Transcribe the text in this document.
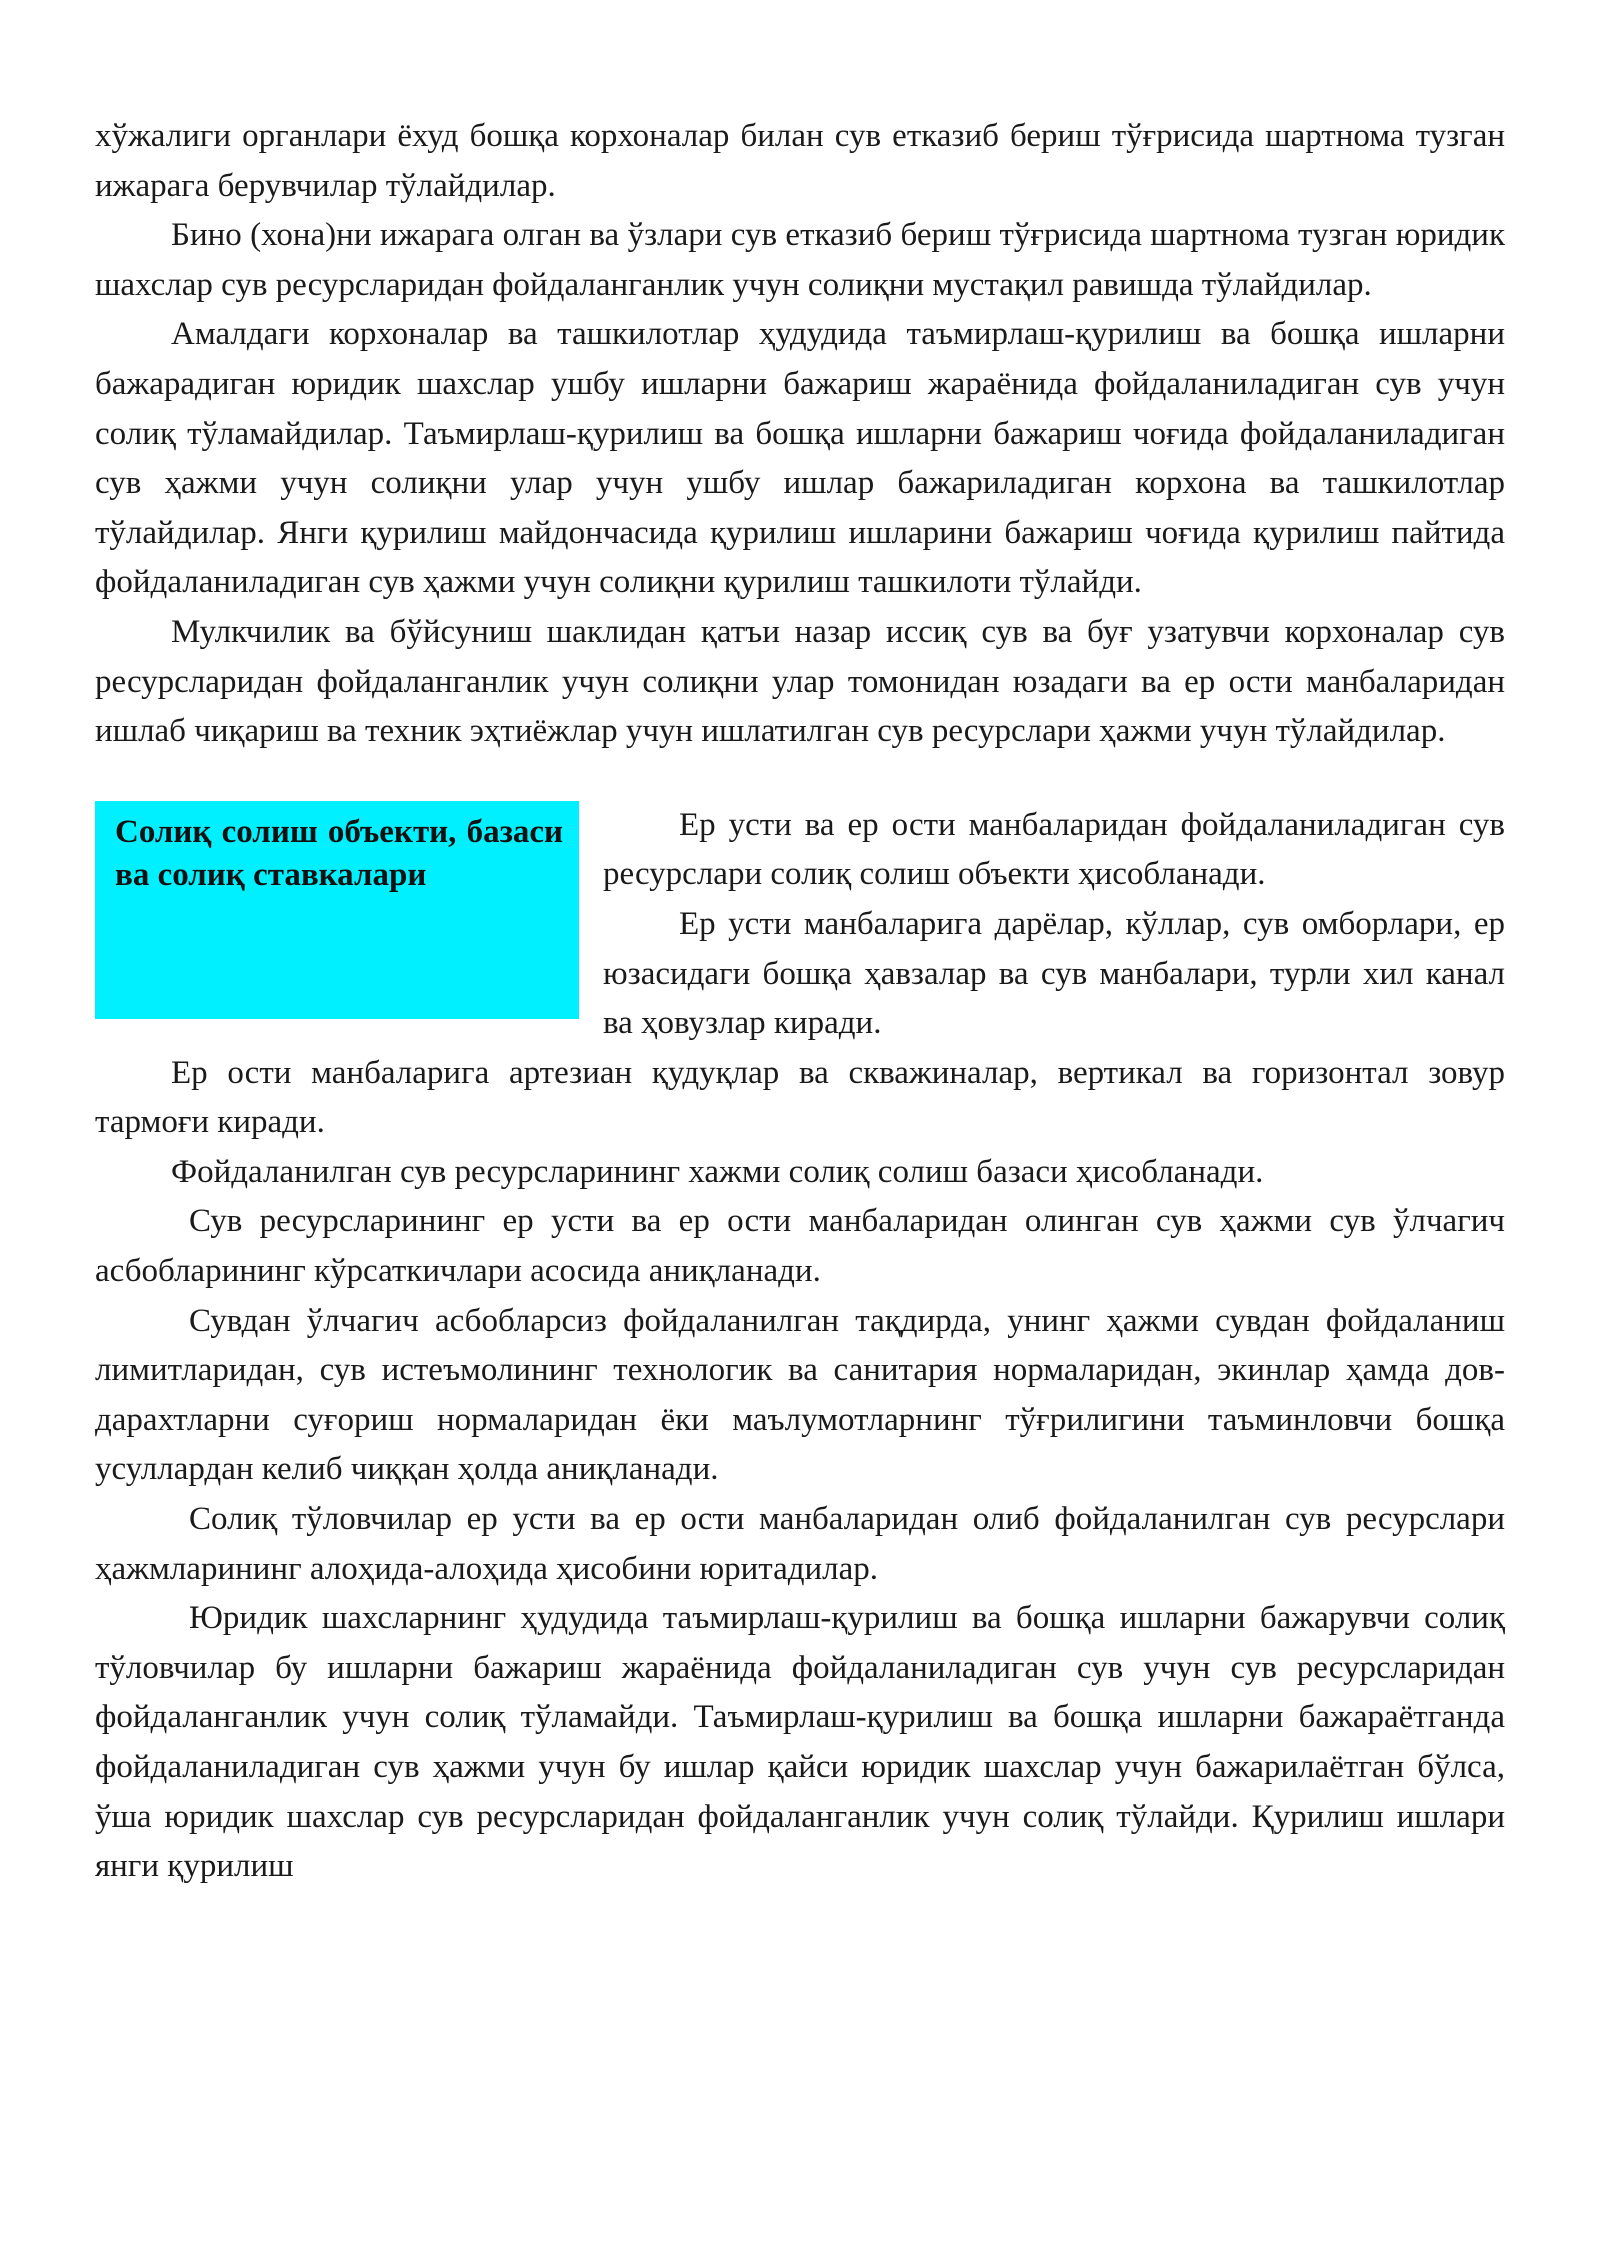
хўжалиги органлари ёхуд бошқа корхоналар билан сув етказиб бериш тўғрисида шартнома тузган ижарага берувчилар тўлайдилар.

Бино (хона)ни ижарага олган ва ўзлари сув етказиб бериш тўғрисида шартнома тузган юридик шахслар сув ресурсларидан фойдаланганлик учун солиқни мустақил равишда тўлайдилар.

Амалдаги корхоналар ва ташкилотлар ҳудудида таъмирлаш-қурилиш ва бошқа ишларни бажарадиган юридик шахслар ушбу ишларни бажариш жараёнида фойдаланиладиган сув учун солиқ тўламайдилар. Таъмирлаш-қурилиш ва бошқа ишларни бажариш чоғида фойдаланиладиган сув ҳажми учун солиқни улар учун ушбу ишлар бажариладиган корхона ва ташкилотлар тўлайдилар. Янги қурилиш майдончасида қурилиш ишларини бажариш чоғида қурилиш пайтида фойдаланиладиган сув ҳажми учун солиқни қурилиш ташкилоти тўлайди.

Мулкчилик ва бўйсуниш шаклидан қатъи назар иссиқ сув ва буғ узатувчи корхоналар сув ресурсларидан фойдаланганлик учун солиқни улар томонидан юзадаги ва ер ости манбаларидан ишлаб чиқариш ва техник эҳтиёжлар учун ишлатилган сув ресурслари ҳажми учун тўлайдилар.

Солиқ солиш объекти, базаси ва солиқ ставкалари

Ер усти ва ер ости манбаларидан фойдаланиладиган сув ресурслари солиқ солиш объекти ҳисобланади.

Ер усти манбаларига дарёлар, кўллар, сув омборлари, ер юзасидаги бошқа ҳавзалар ва сув манбалари, турли хил канал ва ҳовузлар киради.

Ер ости манбаларига артезиан қудуқлар ва скважиналар, вертикал ва горизонтал зовур тармоғи киради.

Фойдаланилган сув ресурсларининг хажми солиқ солиш базаси ҳисобланади.

Сув ресурсларининг ер усти ва ер ости манбаларидан олинган сув ҳажми сув ўлчагич асбобларининг кўрсаткичлари асосида аниқланади.

Сувдан ўлчагич асбобларсиз фойдаланилган тақдирда, унинг ҳажми сувдан фойдаланиш лимитларидан, сув истеъмолининг технологик ва санитария нормаларидан, экинлар ҳамда дов-дарахтларни суғориш нормаларидан ёки маълумотларнинг тўғрилигини таъминловчи бошқа усуллардан келиб чиққан ҳолда аниқланади.

Солиқ тўловчилар ер усти ва ер ости манбаларидан олиб фойдаланилган сув ресурслари ҳажмларининг алоҳида-алоҳида ҳисобини юритадилар.

Юридик шахсларнинг ҳудудида таъмирлаш-қурилиш ва бошқа ишларни бажарувчи солиқ тўловчилар бу ишларни бажариш жараёнида фойдаланиладиган сув учун сув ресурсларидан фойдаланганлик учун солиқ тўламайди. Таъмирлаш-қурилиш ва бошқа ишларни бажараётганда фойдаланиладиган сув ҳажми учун бу ишлар қайси юридик шахслар учун бажарилаётган бўлса, ўша юридик шахслар сув ресурсларидан фойдаланганлик учун солиқ тўлайди. Қурилиш ишлари янги қурилиш
